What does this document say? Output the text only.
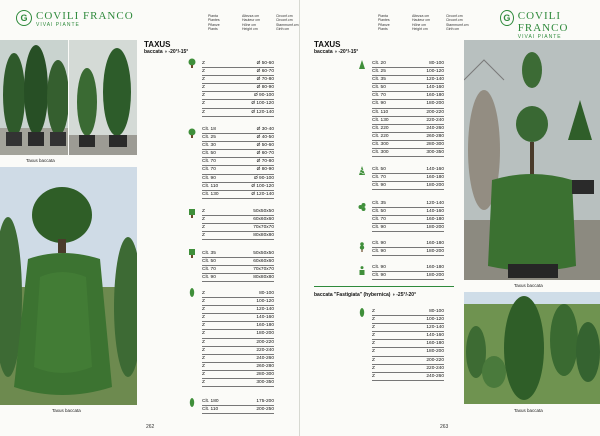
G COVILI FRANCO
VIVAI PIANTE
Pianta
Plantes
Pflanze
Plants
Altezza cm
Hauteur cm
Höhe cm
Height cm
Circonf.cm
Circonf.cm
Stammumf.cm
Girth cm
Taxus baccata
Taxus baccata
TAXUS
baccata ◑ -20°/-15°
Z	Ø 50-60
Z	Ø 60-70
Z	Ø 70-80
Z	Ø 80-90
Z	Ø 90-100
Z	Ø 100-120
Z	Ø 120-140
Clt. 18	Ø 30-40
Clt. 25	Ø 40-50
Clt. 30	Ø 50-60
Clt. 50	Ø 60-70
Clt. 70	Ø 70-80
Clt. 70	Ø 80-90
Clt. 90	Ø 90-100
Clt. 110	Ø 100-120
Clt. 130	Ø 120-140
Z	50x50x50
Z	60x60x60
Z	70x70x70
Z	80x80x80
Clt. 35	50x50x50
Clt. 50	60x60x60
Clt. 70	70x70x70
Clt. 90	80x80x80
Z	80-100
Z	100-120
Z	120-140
Z	140-160
Z	160-180
Z	180-200
Z	200-220
Z	220-240
Z	240-260
Z	260-280
Z	280-300
Z	300-350
Clt. 180	175-200
Clt. 110	200-250
262
Pianta
Plantes
Pflanze
Plants
Altezza cm
Hauteur cm
Höhe cm
Height cm
Circonf.cm
Circonf.cm
Stammumf.cm
Girth cm
G COVILI FRANCO
VIVAI PIANTE
TAXUS
baccata ◑ -20°/-15°
Clt. 20	80-100
Clt. 25	100-120
Clt. 35	120-140
Clt. 50	140-160
Clt. 70	160-180
Clt. 90	180-200
Clt. 110	200-220
Clt. 130	220-240
Clt. 220	240-260
Clt. 220	260-280
Clt. 300	280-300
Clt. 300	300-350
Clt. 50	140-160
Clt. 70	160-180
Clt. 90	180-200
Clt. 35	120-140
Clt. 50	140-160
Clt. 70	160-180
Clt. 90	180-200
Clt. 90	160-180
Clt. 90	180-200
Clt. 90	160-180
Clt. 90	180-200
baccata "Fastigiata" (hybernica) ◑ -25°/-20°
Z	80-100
Z	100-120
Z	120-140
Z	140-160
Z	160-180
Z	180-200
Z	200-220
Z	220-240
Z	240-260
Taxus baccata
Taxus baccata
263
